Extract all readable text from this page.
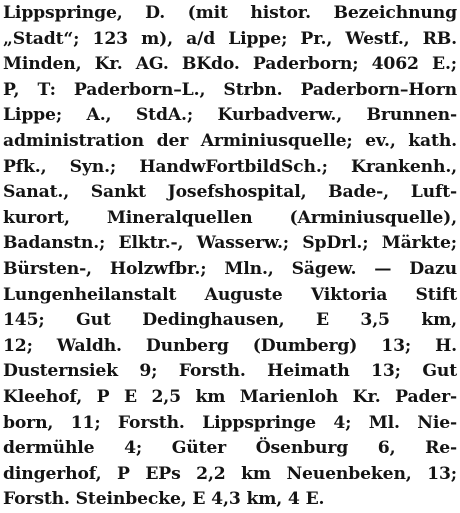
Lippspringe, D. (mit histor. Bezeichnung
„Stadt“; 123 m), a/d Lippe; Pr., Westf., RB.
Minden, Kr. AG. BKdo. Paderborn; 4062 E.;
P, T: Paderborn–L., Strbn. Paderborn–Horn
Lippe; A., StdA.; Kurbadverw., Brunnen-
administration der Arminiusquelle; ev., kath.
Pfk., Syn.; HandwFortbildSch.; Krankenh.,
Sanat., Sankt Josefshospital, Bade-, Luft-
kurort, Mineralquellen (Arminiusquelle),
Badanstn.; Elktr.-, Wasserw.; SpDrl.; Märkte;
Bürsten-, Holzwfbr.; Mln., Sägew. — Dazu
Lungenheilanstalt Auguste Viktoria Stift
145; Gut Dedinghausen, E 3,5 km,
12; Waldh. Dunberg (Dumberg) 13; H.
Dusternsiek 9; Forsth. Heimath 13; Gut
Kleehof, P E 2,5 km Marienloh Kr. Pader-
born, 11; Forsth. Lippspringe 4; Ml. Nie-
dermühle 4; Güter Ösenburg 6, Re-
dingerhof, P EPs 2,2 km Neuenbeken, 13;
Forsth. Steinbecke, E 4,3 km, 4 E.
